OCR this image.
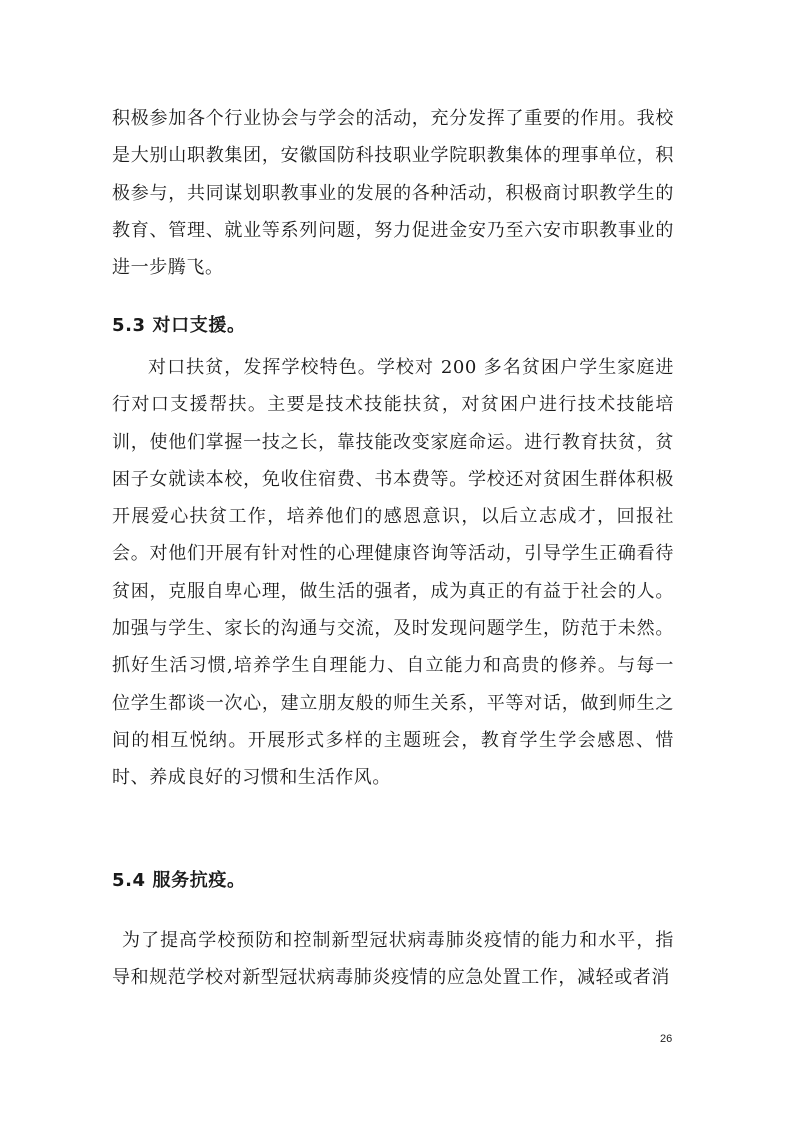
积极参加各个行业协会与学会的活动，充分发挥了重要的作用。我校是大别山职教集团，安徽国防科技职业学院职教集体的理事单位，积极参与，共同谋划职教事业的发展的各种活动，积极商讨职教学生的教育、管理、就业等系列问题，努力促进金安乃至六安市职教事业的进一步腾飞。

5.3 对口支援。

对口扶贫，发挥学校特色。学校对 200 多名贫困户学生家庭进行对口支援帮扶。主要是技术技能扶贫，对贫困户进行技术技能培训，使他们掌握一技之长，靠技能改变家庭命运。进行教育扶贫，贫困子女就读本校，免收住宿费、书本费等。学校还对贫困生群体积极开展爱心扶贫工作，培养他们的感恩意识，以后立志成才，回报社会。对他们开展有针对性的心理健康咨询等活动，引导学生正确看待贫困，克服自卑心理，做生活的强者，成为真正的有益于社会的人。加强与学生、家长的沟通与交流，及时发现问题学生，防范于未然。抓好生活习惯,培养学生自理能力、自立能力和高贵的修养。与每一位学生都谈一次心，建立朋友般的师生关系，平等对话，做到师生之间的相互悦纳。开展形式多样的主题班会，教育学生学会感恩、惜时、养成良好的习惯和生活作风。

5.4 服务抗疫。

为了提高学校预防和控制新型冠状病毒肺炎疫情的能力和水平，指导和规范学校对新型冠状病毒肺炎疫情的应急处置工作，减轻或者消

26
